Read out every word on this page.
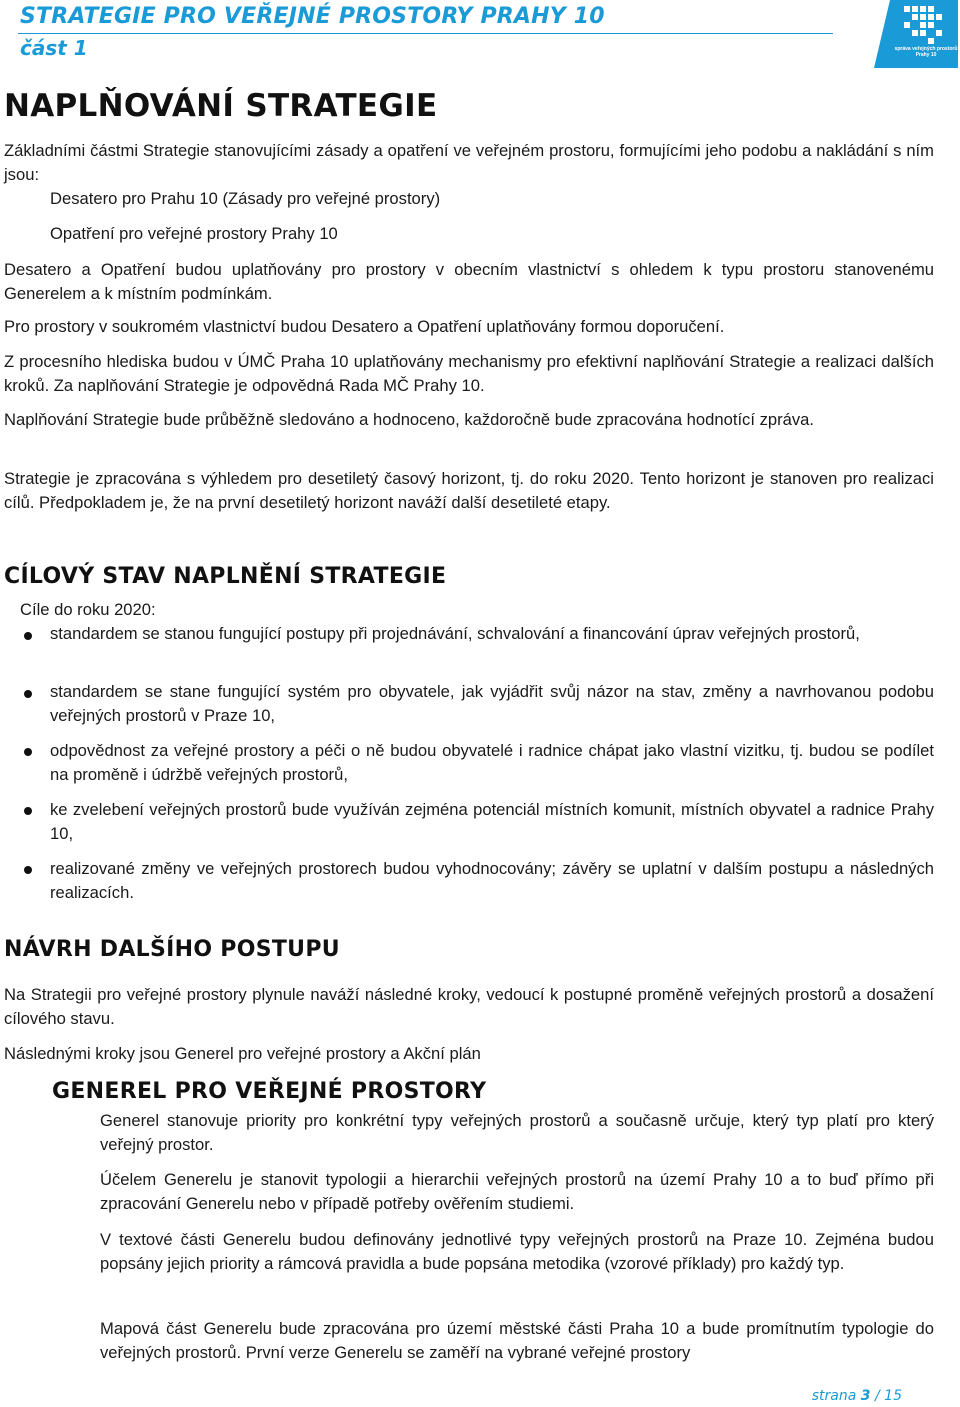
STRATEGIE PRO VEŘEJNÉ PROSTORY PRAHY 10
část 1	správa veřejných prostorů Prahy 10
NAPLŇOVÁNÍ STRATEGIE

Základními částmi Strategie stanovujícími zásady a opatření ve veřejném prostoru, formujícími jeho podobu a nakládání s ním jsou:

Desatero pro Prahu 10 (Zásady pro veřejné prostory)

Opatření pro veřejné prostory Prahy 10

Desatero a Opatření budou uplatňovány pro prostory v obecním vlastnictví s ohledem k typu prostoru stanovenému Generelem a k místním podmínkám.

Pro prostory v soukromém vlastnictví budou Desatero a Opatření uplatňovány formou doporučení.

Z procesního hlediska budou v ÚMČ Praha 10 uplatňovány mechanismy pro efektivní naplňování Strategie a realizaci dalších kroků. Za naplňování Strategie je odpovědná Rada MČ Prahy 10.

Naplňování Strategie bude průběžně sledováno a hodnoceno, každoročně bude zpracována hodnotící zpráva.

Strategie je zpracována s výhledem pro desetiletý časový horizont, tj. do roku 2020. Tento horizont je stanoven pro realizaci cílů. Předpokladem je, že na první desetiletý horizont naváží další desetileté etapy.

CÍLOVÝ STAV NAPLNĚNÍ STRATEGIE

Cíle do roku 2020:

standardem se stanou fungující postupy při projednávání, schvalování a financování úprav veřejných prostorů,
standardem se stane fungující systém pro obyvatele, jak vyjádřit svůj názor na stav, změny a navrhovanou podobu veřejných prostorů v Praze 10,
odpovědnost za veřejné prostory a péči o ně budou obyvatelé i radnice chápat jako vlastní vizitku, tj. budou se podílet na proměně i údržbě veřejných prostorů,
ke zvelebení veřejných prostorů bude využíván zejména potenciál místních komunit, místních obyvatel a radnice Prahy 10,
realizované změny ve veřejných prostorech budou vyhodnocovány; závěry se uplatní v dalším postupu a následných realizacích.
NÁVRH DALŠÍHO POSTUPU

Na Strategii pro veřejné prostory plynule naváží následné kroky, vedoucí k postupné proměně veřejných prostorů a dosažení cílového stavu.

Následnými kroky jsou Generel pro veřejné prostory a Akční plán

GENEREL PRO VEŘEJNÉ PROSTORY

Generel stanovuje priority pro konkrétní typy veřejných prostorů a současně určuje, který typ platí pro který veřejný prostor.

Účelem Generelu je stanovit typologii a hierarchii veřejných prostorů na území Prahy 10 a to buď přímo při zpracování Generelu nebo v případě potřeby ověřením studiemi.

V textové části Generelu budou definovány jednotlivé typy veřejných prostorů na Praze 10. Zejména budou popsány jejich priority a rámcová pravidla a bude popsána metodika (vzorové příklady) pro každý typ.

Mapová část Generelu bude zpracována pro území městské části Praha 10 a bude promítnutím typologie do veřejných prostorů. První verze Generelu se zaměří na vybrané veřejné prostory

strana 3 / 15
